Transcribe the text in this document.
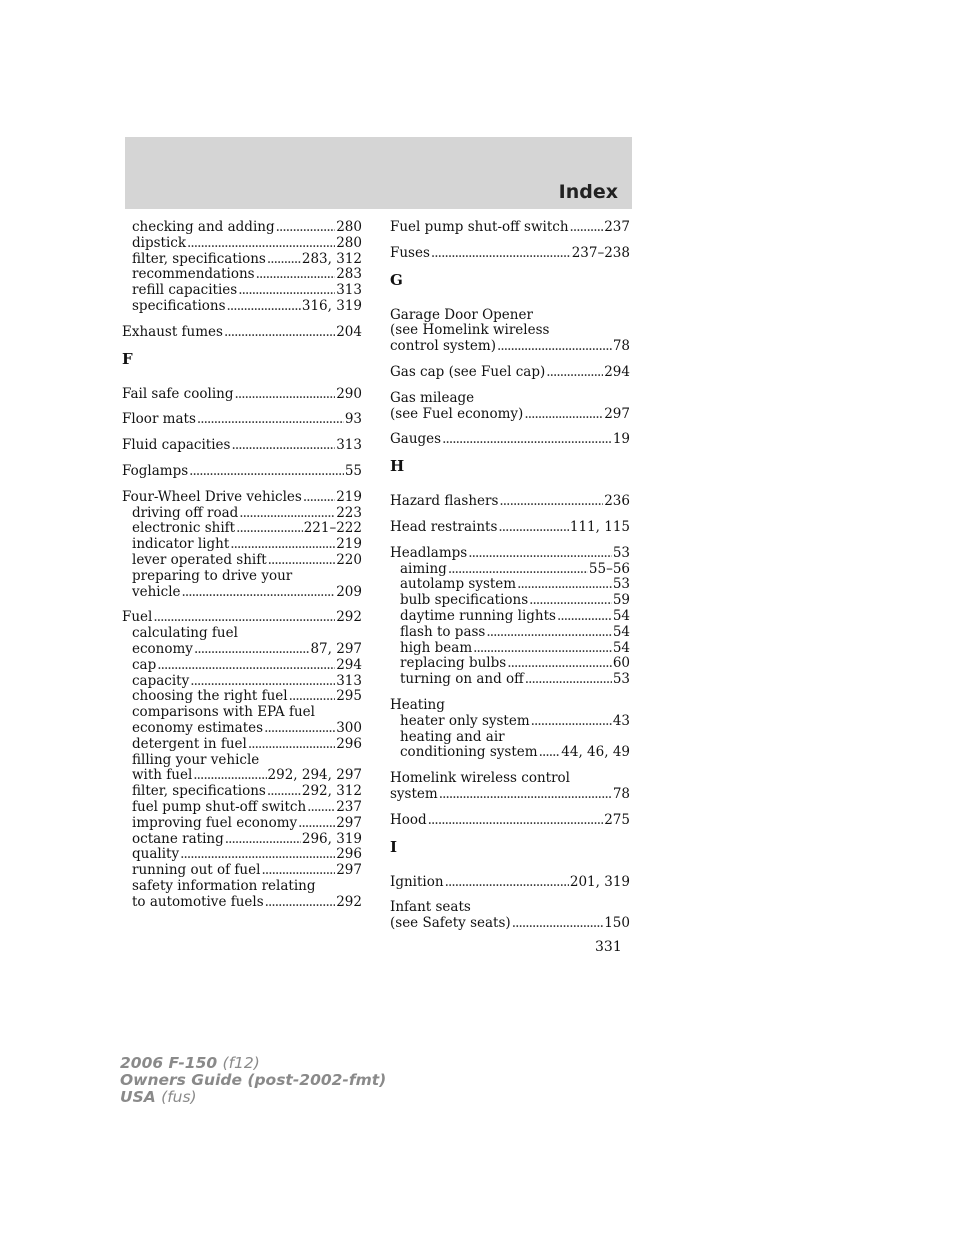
Index
checking and adding . . .	280
dipstick . . .	280
filter, specifications . . .	283, 312
recommendations . . .	283
refill capacities . . .	313
specifications . . .	316, 319
Exhaust fumes . . .	204
F
Fail safe cooling . . .	290
Floor mats . . .	93
Fluid capacities . . .	313
Foglamps . . .	55
Four-Wheel Drive vehicles . . .	219
driving off road . . .	223
electronic shift . . .	221–222
indicator light . . .	219
lever operated shift . . .	220
preparing to drive your
vehicle . . .	209
Fuel . . .	292
calculating fuel
economy . . .	87, 297
cap . . .	294
capacity . . .	313
choosing the right fuel . . .	295
comparisons with EPA fuel
economy estimates . . .	300
detergent in fuel . . .	296
filling your vehicle
with fuel . . .	292, 294, 297
filter, specifications . . .	292, 312
fuel pump shut-off switch . . . 237
improving fuel economy . . .	297
octane rating . . .	296, 319
quality . . .	296
running out of fuel . . .	297
safety information relating
to automotive fuels . . .	292
Fuel pump shut-off switch . . .	237
Fuses . . .	237–238
G
Garage Door Opener
(see Homelink wireless
control system) . . .	78
Gas cap (see Fuel cap) . . .	294
Gas mileage
(see Fuel economy) . . .	297
Gauges . . .	19
H
Hazard flashers . . .	236
Head restraints . . .	111, 115
Headlamps . . .	53
aiming . . .	55–56
autolamp system . . .	53
bulb specifications . . .	59
daytime running lights . . .	54
flash to pass . . .	54
high beam . . .	54
replacing bulbs . . .	60
turning on and off . . .	53
Heating
heater only system . . .	43
heating and air
conditioning system . . . 44, 46, 49
Homelink wireless control
system . . .	78
Hood . . .	275
I
Ignition . . .	201, 319
Infant seats
(see Safety seats) . . .	150
331
2006 F-150 (f12)
Owners Guide (post-2002-fmt)
USA (fus)
